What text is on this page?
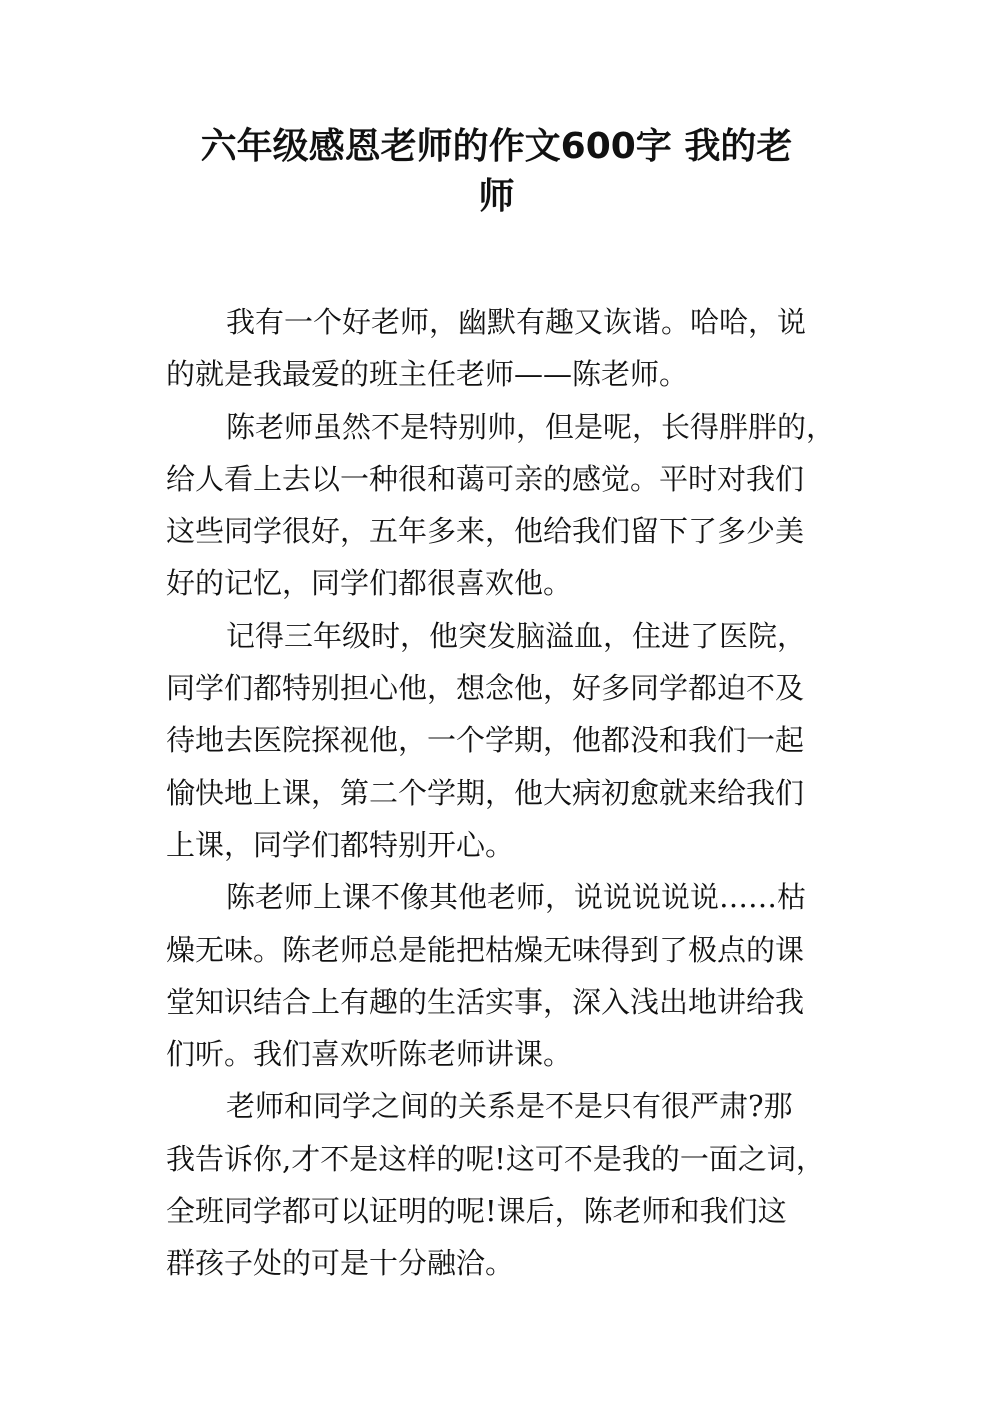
六年级感恩老师的作文600字 我的老
师
我有一个好老师，幽默有趣又诙谐。哈哈，说
的就是我最爱的班主任老师——陈老师。
陈老师虽然不是特别帅，但是呢，长得胖胖的，
给人看上去以一种很和蔼可亲的感觉。平时对我们
这些同学很好，五年多来，他给我们留下了多少美
好的记忆，同学们都很喜欢他。
记得三年级时，他突发脑溢血，住进了医院，
同学们都特别担心他，想念他，好多同学都迫不及
待地去医院探视他，一个学期，他都没和我们一起
愉快地上课，第二个学期，他大病初愈就来给我们
上课，同学们都特别开心。
陈老师上课不像其他老师，说说说说说……枯
燥无味。陈老师总是能把枯燥无味得到了极点的课
堂知识结合上有趣的生活实事，深入浅出地讲给我
们听。我们喜欢听陈老师讲课。
老师和同学之间的关系是不是只有很严肃?那
我告诉你,才不是这样的呢!这可不是我的一面之词，
全班同学都可以证明的呢!课后，陈老师和我们这
群孩子处的可是十分融洽。
